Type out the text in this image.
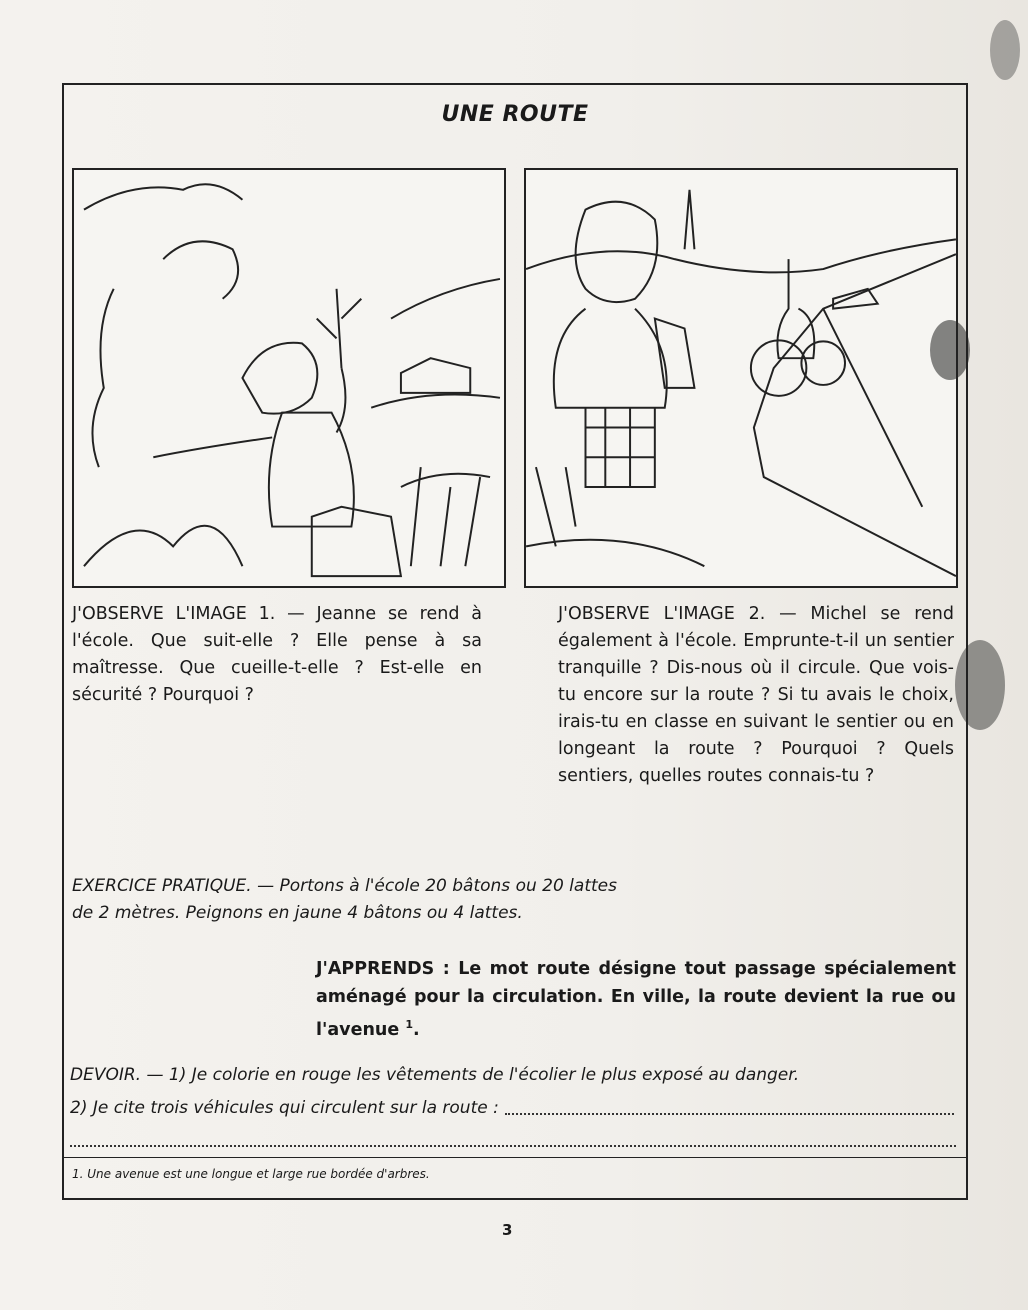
UNE ROUTE
J'OBSERVE L'IMAGE 1. — Jeanne se rend à l'école. Que suit-elle ? Elle pense à sa maîtresse. Que cueille-t-elle ? Est-elle en sécurité ? Pourquoi ?
J'OBSERVE L'IMAGE 2. — Michel se rend également à l'école. Emprunte-t-il un sentier tranquille ? Dis-nous où il circule. Que vois-tu encore sur la route ? Si tu avais le choix, irais-tu en classe en suivant le sentier ou en longeant la route ? Pourquoi ? Quels sentiers, quelles routes connais-tu ?
EXERCICE PRATIQUE. — Portons à l'école 20 bâtons ou 20 lattes
de 2 mètres. Peignons en jaune 4 bâtons ou 4 lattes.
J'APPRENDS : Le mot route désigne tout passage spécialement aménagé pour la circulation. En ville, la route devient la rue ou l'avenue $^1$.
DEVOIR. — 1) Je colorie en rouge les vêtements de l'écolier le plus exposé au danger.
2) Je cite trois véhicules qui circulent sur la route :
1. Une avenue est une longue et large rue bordée d'arbres.
3
